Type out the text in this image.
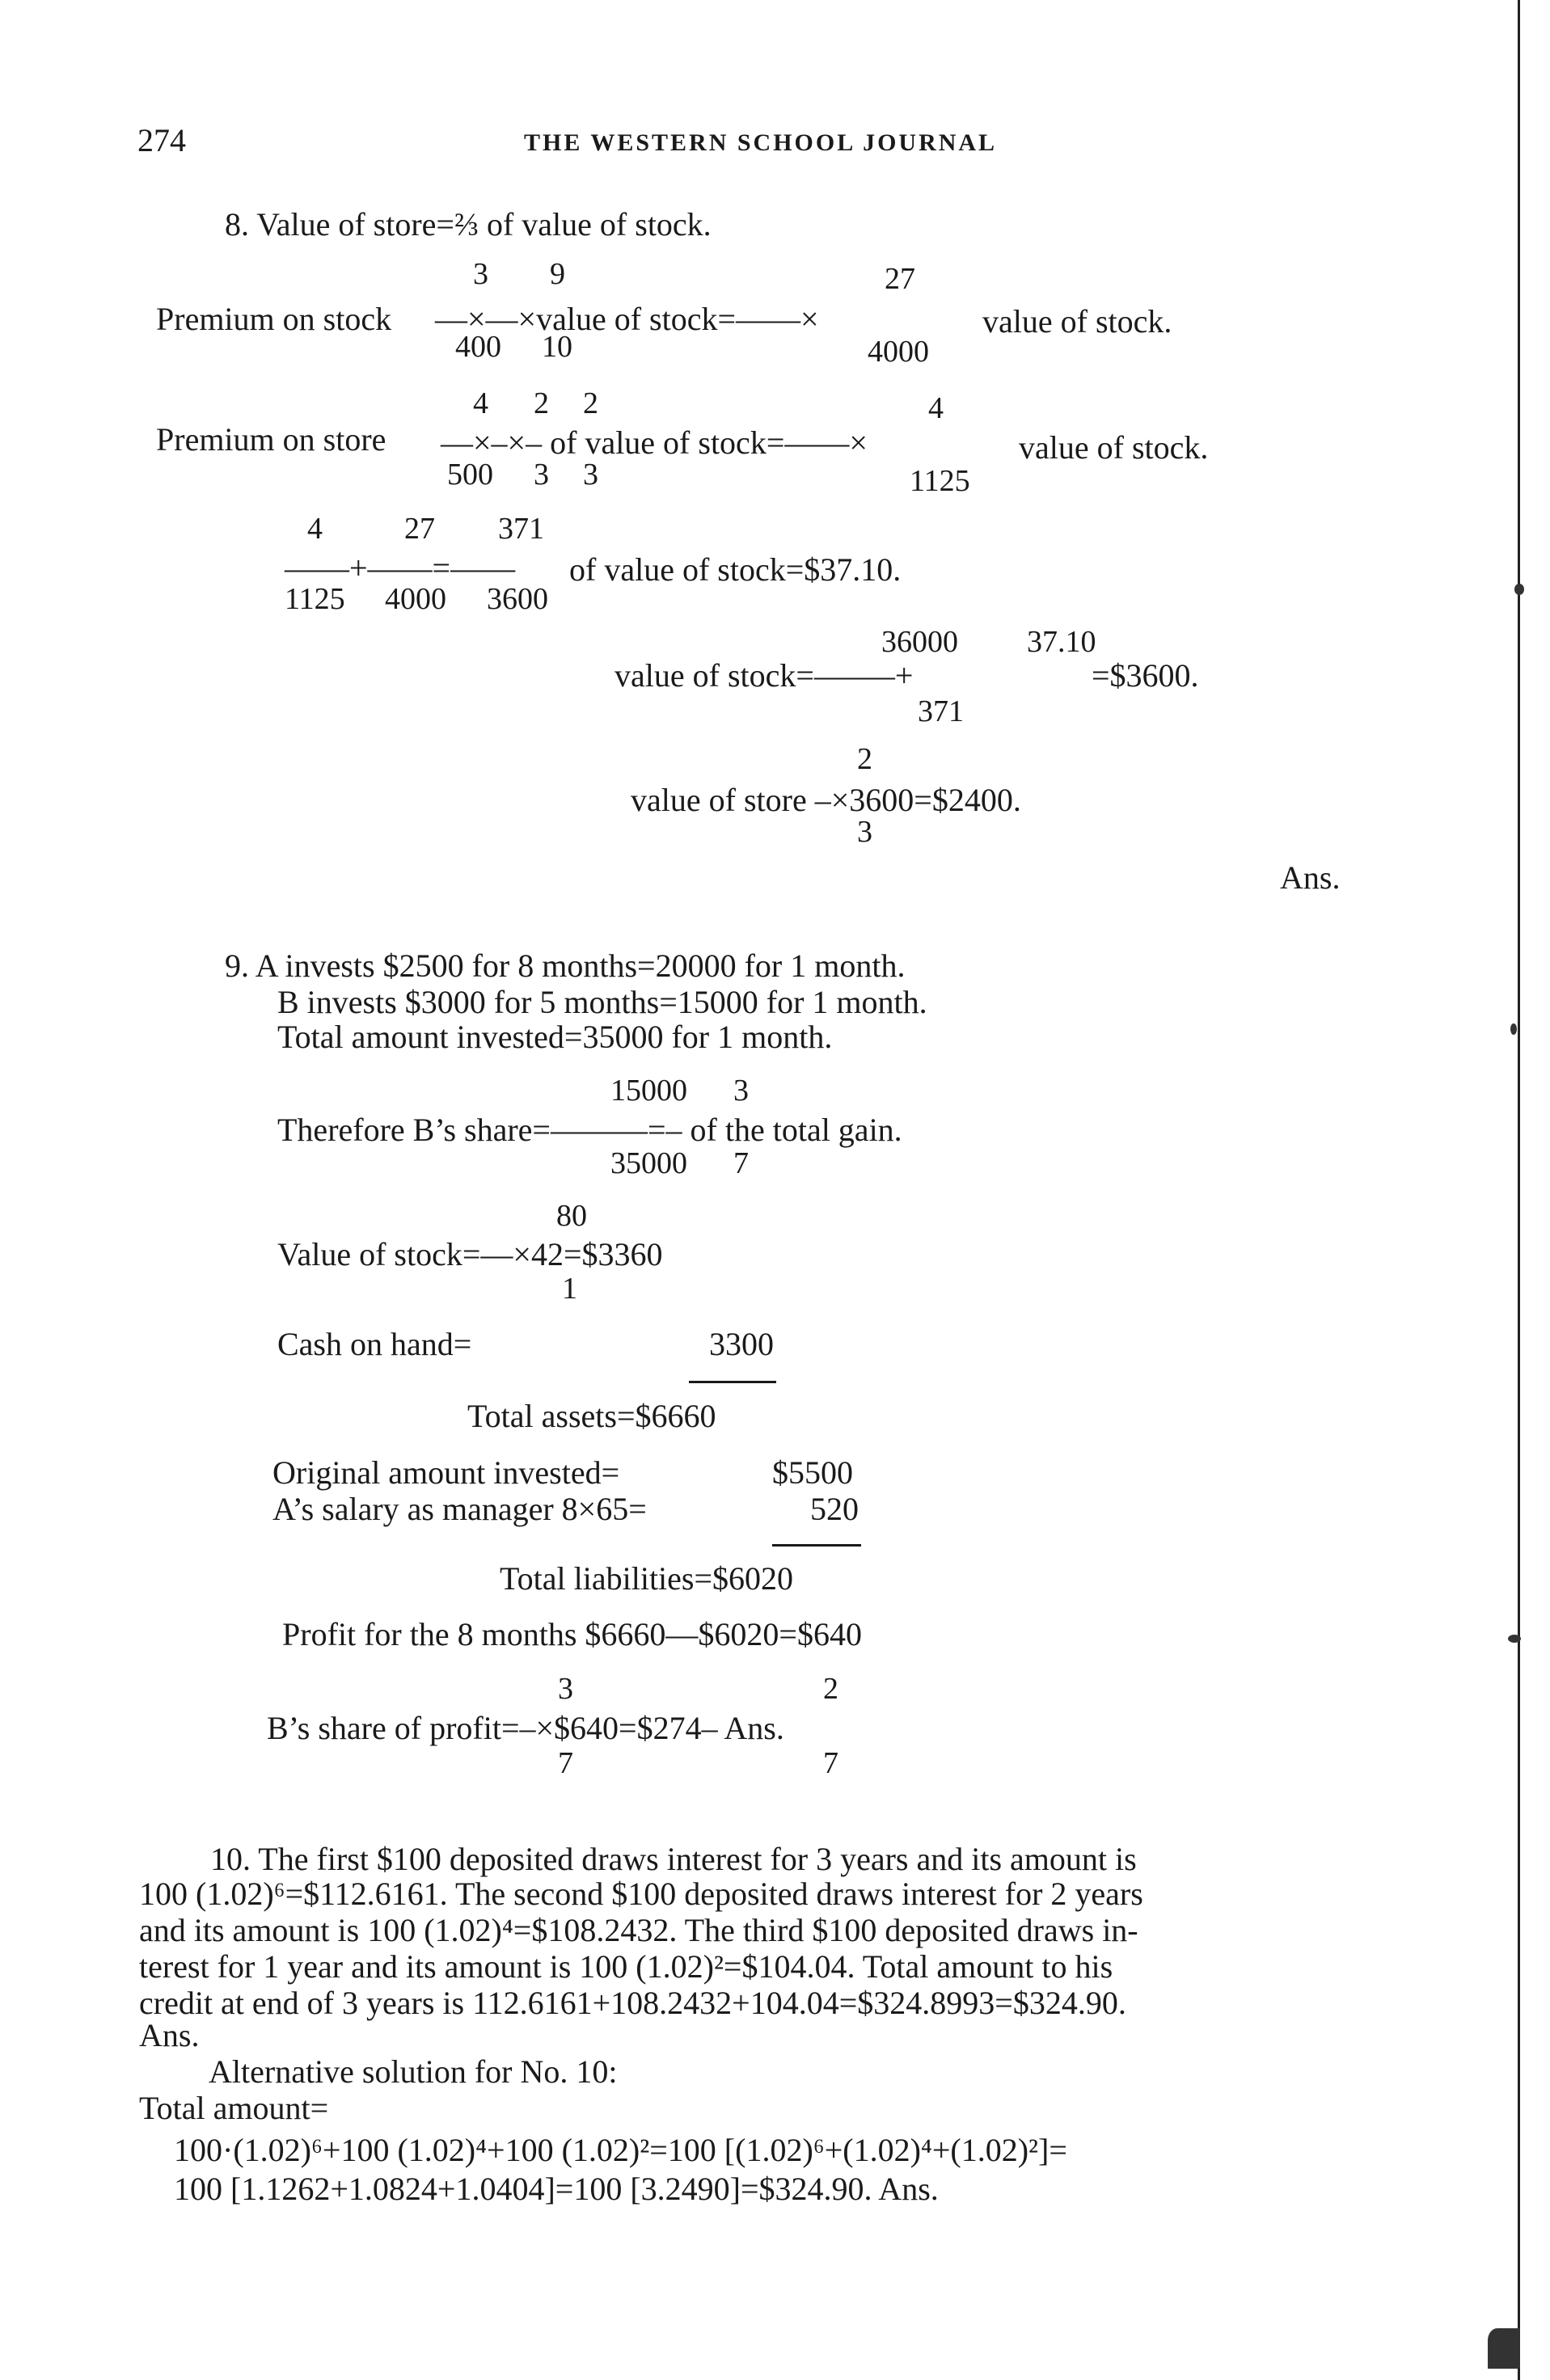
274	THE WESTERN SCHOOL JOURNAL
8. Value of store=⅔ of value of stock.
3 9	27
Premium on stock —×—×value of stock=——×	value of stock.
400 10	4000
4 2 2	4
Premium on store —×–×– of value of stock=——×	value of stock.
500 3 3	1125
4	27 371
——+——=—— of value of stock=$37.10.
1125 4000 3600
36000 37.10
value of stock=——–+	=$3600.
371
2
value of store –×3600=$2400.
3
Ans.
9. A invests $2500 for 8 months=20000 for 1 month.
B invests $3000 for 5 months=15000 for 1 month.
Total amount invested=35000 for 1 month.
15000 3
Therefore B’s share=———=– of the total gain.
35000 7
80
Value of stock=—×42=$3360
1
Cash on hand=	3300
Total assets=$6660
Original amount invested=	$5500
A’s salary as manager 8×65=	520
Total liabilities=$6020
Profit for the 8 months $6660—$6020=$640
3	2
B’s share of profit=–×$640=$274– Ans.
7	7
10. The first $100 deposited draws interest for 3 years and its amount is
100 (1.02)⁶=$112.6161. The second $100 deposited draws interest for 2 years
and its amount is 100 (1.02)⁴=$108.2432. The third $100 deposited draws in-
terest for 1 year and its amount is 100 (1.02)²=$104.04. Total amount to his
credit at end of 3 years is 112.6161+108.2432+104.04=$324.8993=$324.90.
Ans.
Alternative solution for No. 10:
Total amount=
100·(1.02)⁶+100 (1.02)⁴+100 (1.02)²=100 [(1.02)⁶+(1.02)⁴+(1.02)²]=
100 [1.1262+1.0824+1.0404]=100 [3.2490]=$324.90. Ans.
